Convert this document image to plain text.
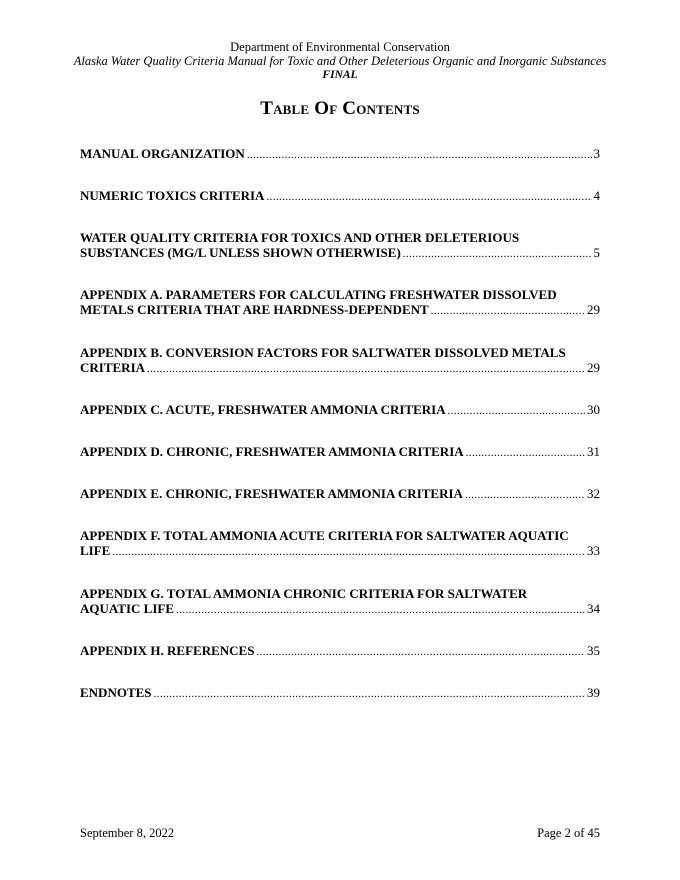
Department of Environmental Conservation
Alaska Water Quality Criteria Manual for Toxic and Other Deleterious Organic and Inorganic Substances
FINAL
Table Of Contents
MANUAL ORGANIZATION .....	3
NUMERIC TOXICS CRITERIA .....	4
WATER QUALITY CRITERIA FOR TOXICS AND OTHER DELETERIOUS
SUBSTANCES (MG/L UNLESS SHOWN OTHERWISE) .....	5
APPENDIX A. PARAMETERS FOR CALCULATING FRESHWATER DISSOLVED
METALS CRITERIA THAT ARE HARDNESS-DEPENDENT .....	29
APPENDIX B. CONVERSION FACTORS FOR SALTWATER DISSOLVED METALS
CRITERIA .....	29
APPENDIX C. ACUTE, FRESHWATER AMMONIA CRITERIA .....	30
APPENDIX D. CHRONIC, FRESHWATER AMMONIA CRITERIA .....	31
APPENDIX E. CHRONIC, FRESHWATER AMMONIA CRITERIA .....	32
APPENDIX F. TOTAL AMMONIA ACUTE CRITERIA FOR SALTWATER AQUATIC
LIFE .....	33
APPENDIX G. TOTAL AMMONIA CHRONIC CRITERIA FOR SALTWATER
AQUATIC LIFE .....	34
APPENDIX H. REFERENCES .....	35
ENDNOTES .....	39
September 8, 2022	Page 2 of 45
